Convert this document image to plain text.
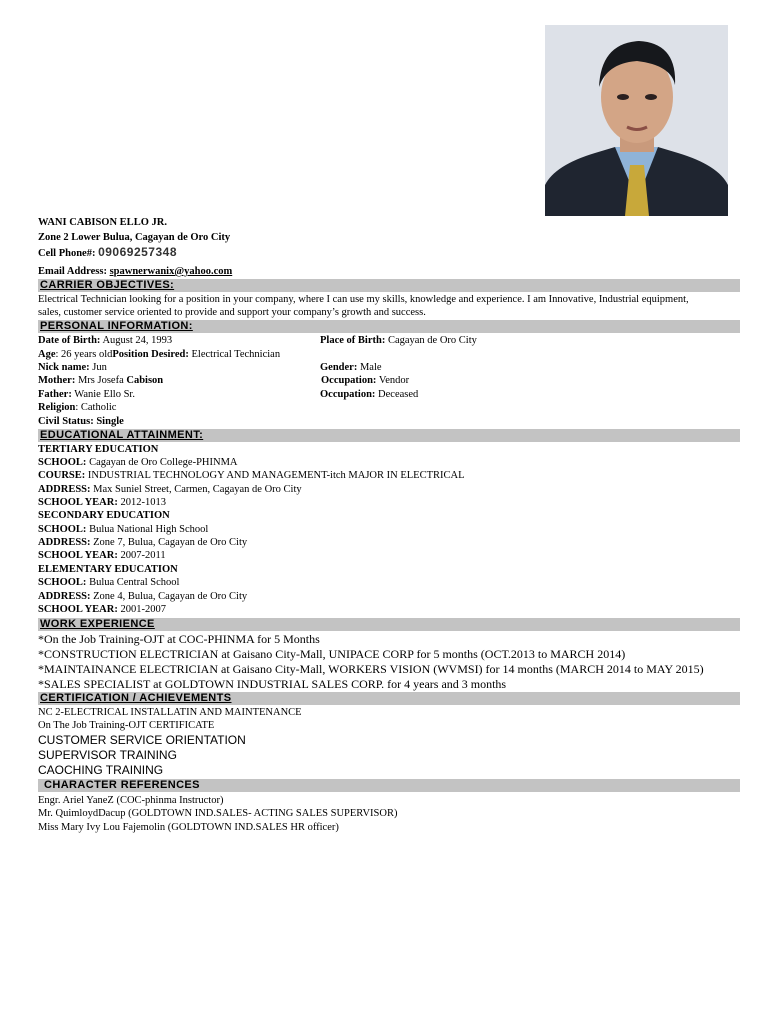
WANI CABISON ELLO JR.
Zone 2 Lower Bulua, Cagayan de Oro City
Cell Phone#: 09069257348
Email Address: spawnerwanix@yahoo.com
CARRIER OBJECTIVES:
Electrical Technician looking for a position in your company, where I can use my skills, knowledge and experience. I am Innovative, Industrial equipment,
sales, customer service oriented to provide and support your company’s growth and success.
PERSONAL INFORMATION:
Date of Birth: August 24, 1993	Place of Birth: Cagayan de Oro City
Age: 26 years oldPosition Desired: Electrical Technician
Nick name: Jun	Gender: Male
Mother: Mrs Josefa Cabison	Occupation: Vendor
Father: Wanie Ello Sr.	Occupation: Deceased
Religion: Catholic
Civil Status: Single
EDUCATIONAL ATTAINMENT:
TERTIARY EDUCATION
SCHOOL: Cagayan de Oro College-PHINMA
COURSE: INDUSTRIAL TECHNOLOGY AND MANAGEMENT-itch MAJOR IN ELECTRICAL
ADDRESS: Max Suniel Street, Carmen, Cagayan de Oro City
SCHOOL YEAR: 2012-1013
SECONDARY EDUCATION
SCHOOL: Bulua National High School
ADDRESS: Zone 7, Bulua, Cagayan de Oro City
SCHOOL YEAR: 2007-2011
ELEMENTARY EDUCATION
SCHOOL: Bulua Central School
ADDRESS: Zone 4, Bulua, Cagayan de Oro City
SCHOOL YEAR: 2001-2007
WORK EXPERIENCE
*On the Job Training-OJT at COC-PHINMA for 5 Months
*CONSTRUCTION ELECTRICIAN at Gaisano City-Mall, UNIPACE CORP for 5 months (OCT.2013 to MARCH 2014)
*MAINTAINANCE ELECTRICIAN at Gaisano City-Mall, WORKERS VISION (WVMSI) for 14 months (MARCH 2014 to MAY 2015)
*SALES SPECIALIST at GOLDTOWN INDUSTRIAL SALES CORP. for 4 years and 3 months
CERTIFICATION / ACHIEVEMENTS
NC 2-ELECTRICAL INSTALLATIN AND MAINTENANCE
On The Job Training-OJT CERTIFICATE
CUSTOMER SERVICE ORIENTATION
SUPERVISOR TRAINING
CAOCHING TRAINING
CHARACTER REFERENCES
Engr. Ariel YaneZ (COC-phinma Instructor)
Mr. QuimloydDacup (GOLDTOWN IND.SALES- ACTING SALES SUPERVISOR)
Miss Mary Ivy Lou Fajemolin (GOLDTOWN IND.SALES HR officer)
